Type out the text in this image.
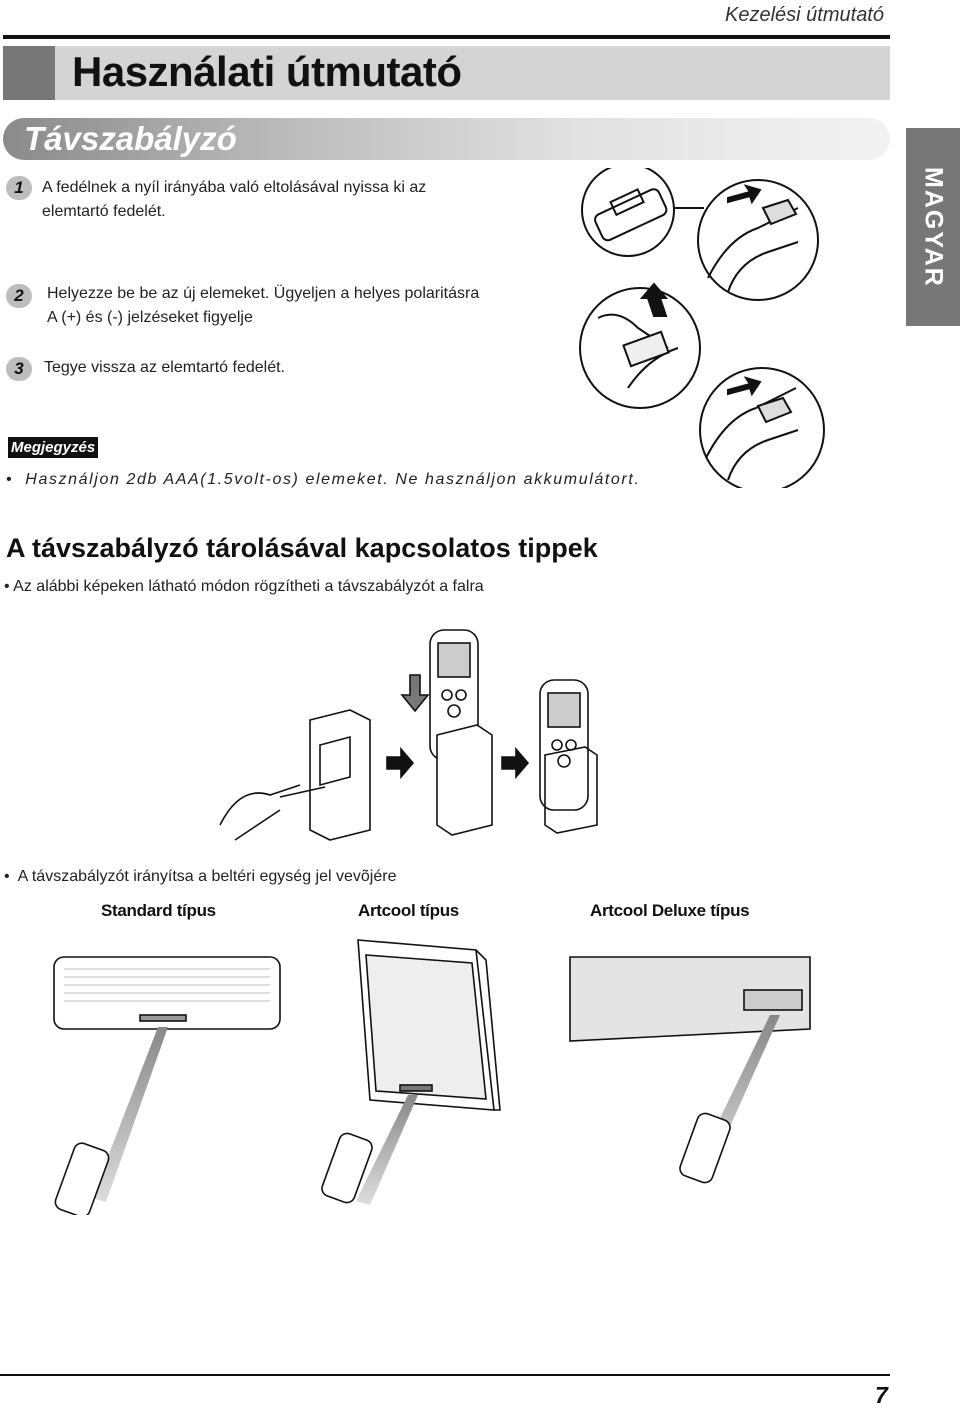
Kezelési útmutató
Használati útmutató
Távszabályzó
MAGYAR
1	A fedélnek a nyíl irányába való eltolásával nyissa ki az
elemtartó fedelét.
2	Helyezze be be az új elemeket. Ügyeljen a helyes polaritásra
A (+) és (-) jelzéseket figyelje
3	Tegye vissza az elemtartó fedelét.
Megjegyzés
•  Használjon 2db AAA(1.5volt-os) elemeket. Ne használjon akkumulátort.
A távszabályzó tárolásával kapcsolatos tippek
• Az alábbi képeken látható módon rögzítheti a távszabályzót a falra
•  A távszabályzót irányítsa a beltéri egység jel vevõjére
Standard típus	Artcool típus	Artcool Deluxe típus
7
